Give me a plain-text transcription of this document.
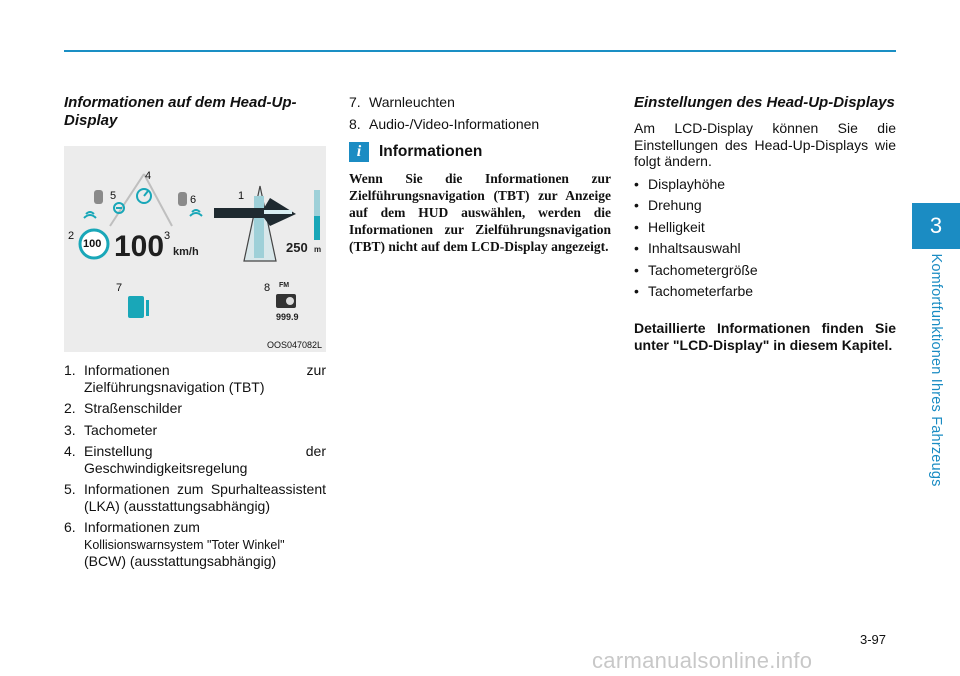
3
Komfortfunktionen Ihres Fahrzeugs
Informationen auf dem Head-Up-Display
100 100 km/h	250 m
FM
999.9
1
2	3
4
5	6
7	8
OOS047082L
1. Informationen zur Zielführungsnavigation (TBT)
2. Straßenschilder
3. Tachometer
4. Einstellung der Geschwindigkeitsregelung
5. Informationen zum Spurhalteassistent (LKA) (ausstattungsabhängig)
6. Informationen zum
Kollisionswarnsystem "Toter Winkel"
(BCW) (ausstattungsabhängig)
7. Warnleuchten
8. Audio-/Video-Informationen
i	Informationen

Wenn Sie die Informationen zur Zielführungsnavigation (TBT) zur Anzeige auf dem HUD auswählen, werden die Informationen zur Zielführungsnavigation (TBT) nicht auf dem LCD-Display angezeigt.

Einstellungen des Head-Up-Displays

Am LCD-Display können Sie die Einstellungen des Head-Up-Displays wie folgt ändern.

• Displayhöhe
• Drehung
• Helligkeit
• Inhaltsauswahl
• Tachometergröße
• Tachometerfarbe

Detaillierte Informationen finden Sie unter "LCD-Display" in diesem Kapitel.

3-97
carmanualsonline.info
